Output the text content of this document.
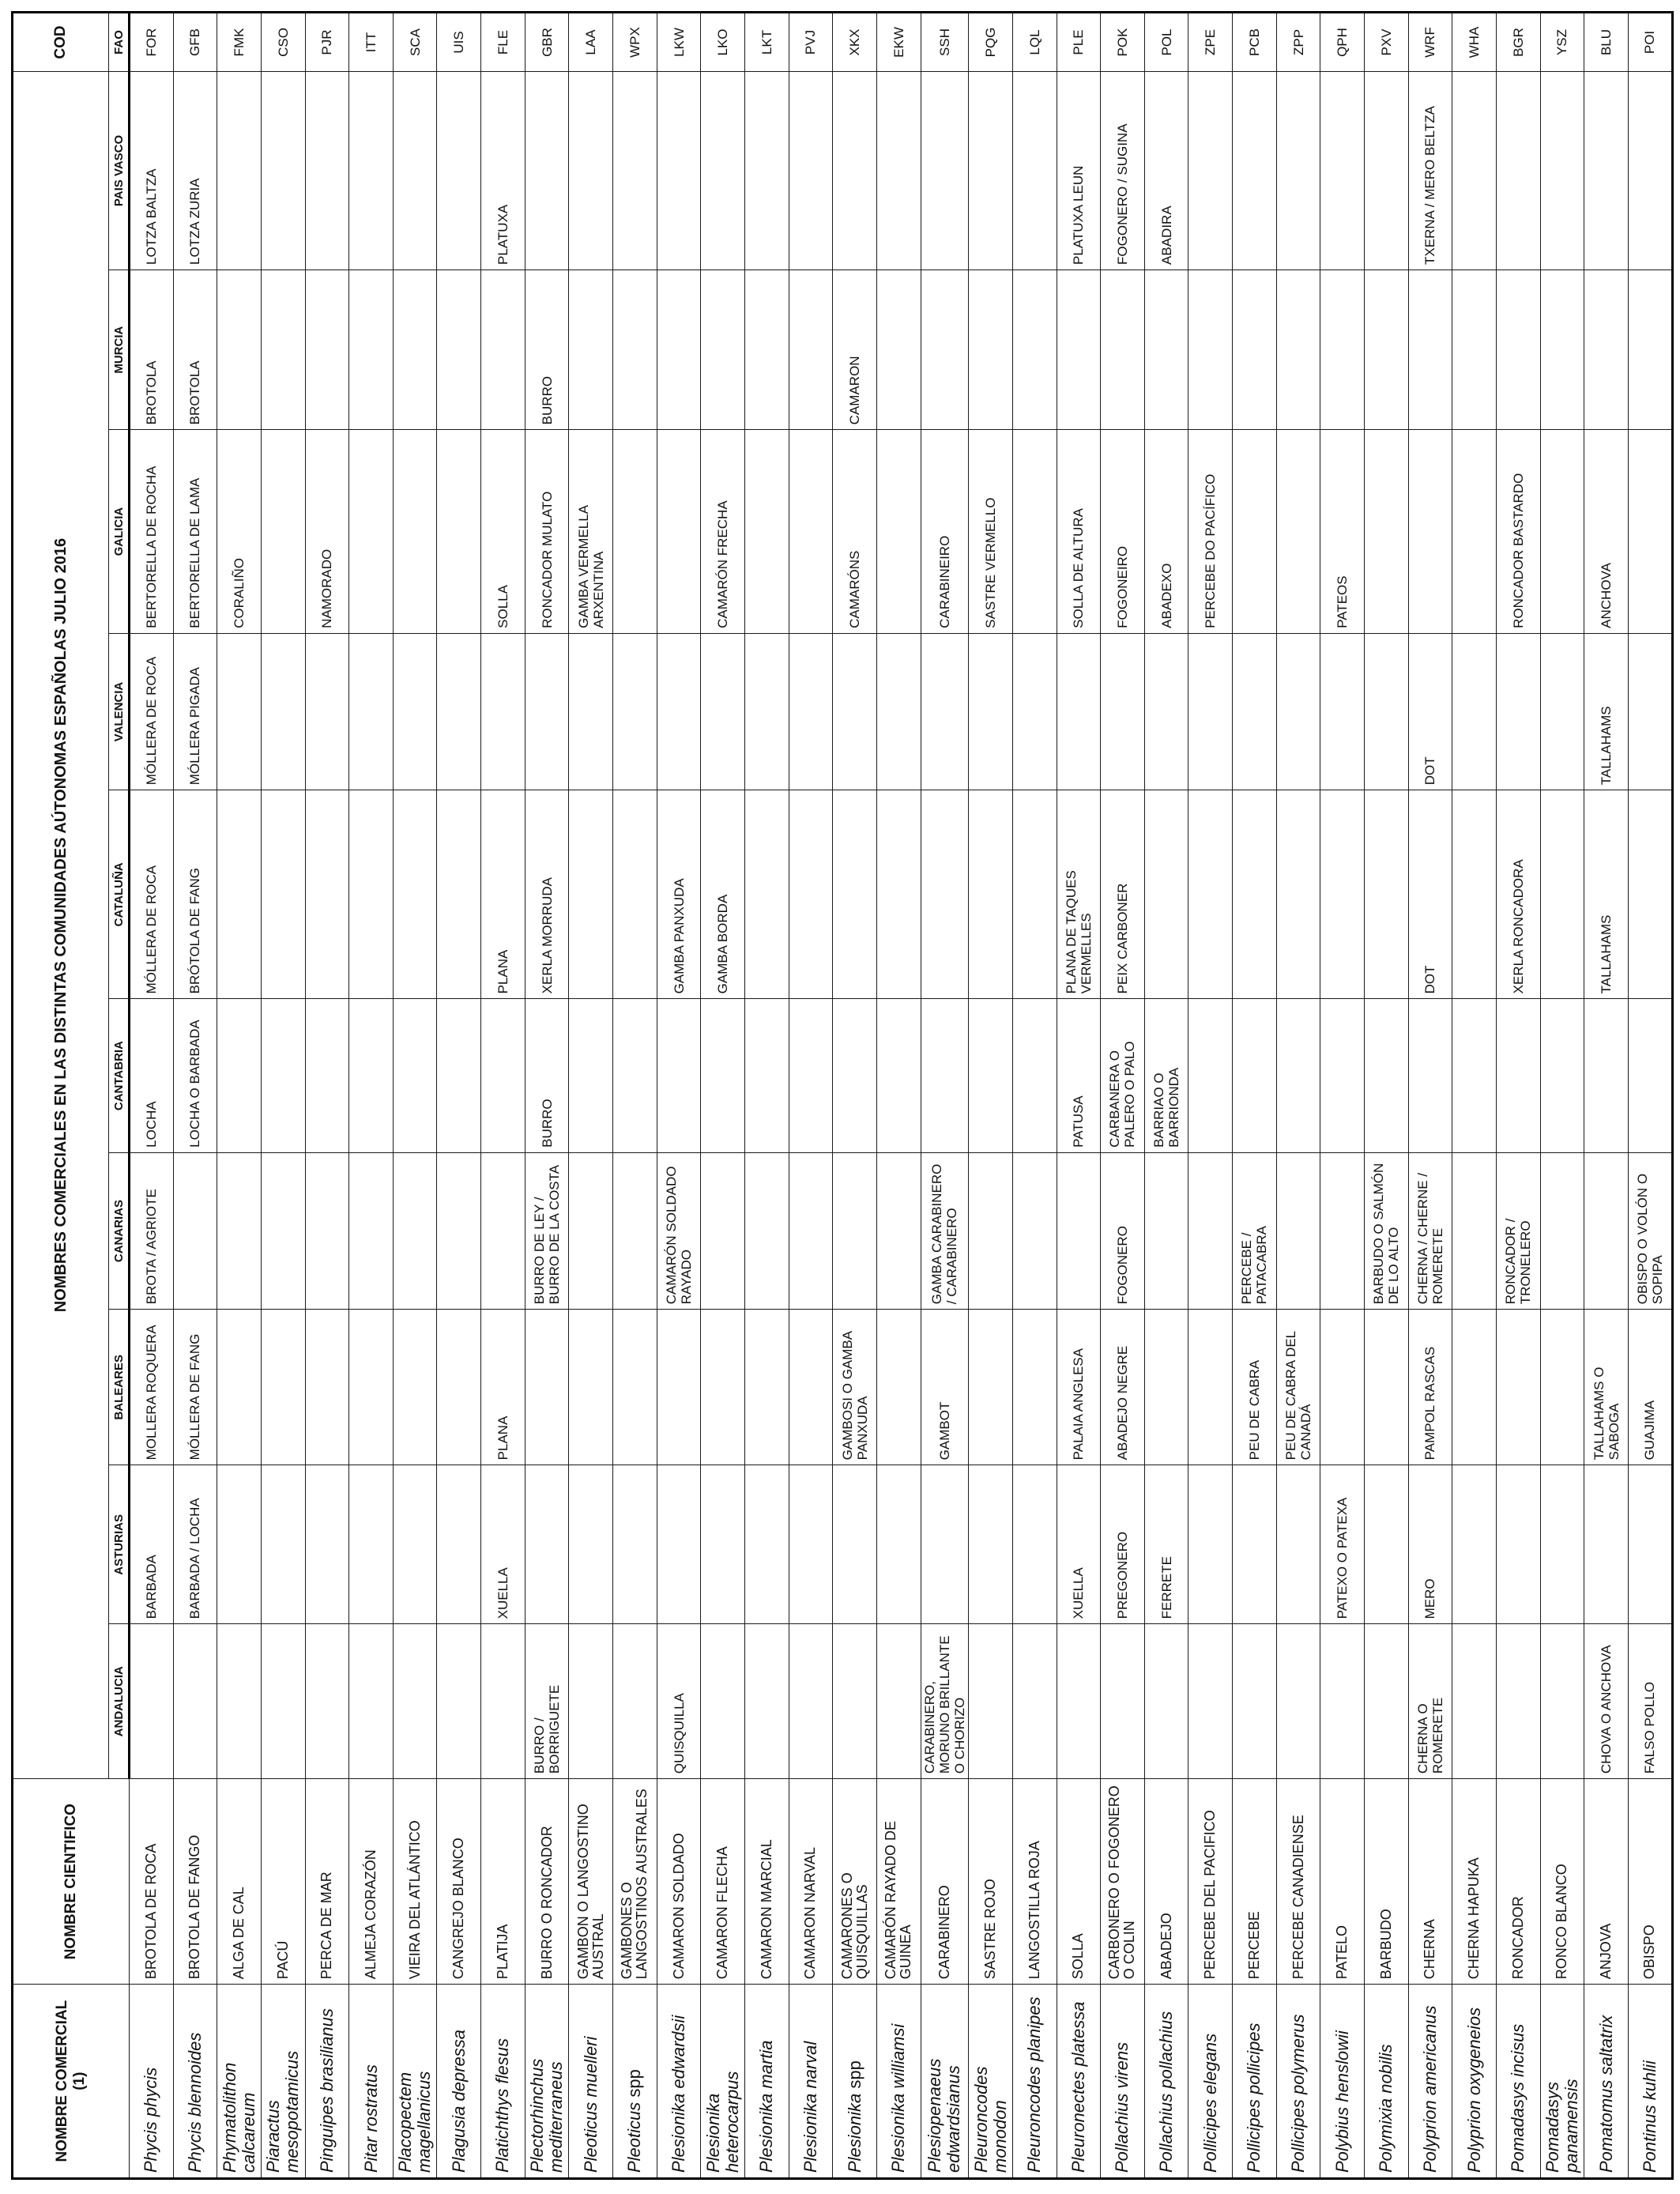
NOMBRE COMERCIAL (1)	NOMBRE CIENTIFICO	NOMBRES COMERCIALES EN LAS DISTINTAS COMUNIDADES AÚTONOMAS ESPAÑOLAS JULIO 2016										COD
		ANDALUCIA	ASTURIAS	BALEARES	CANARIAS	CANTABRIA	CATALUÑA	VALENCIA	GALICIA	MURCIA	PAIS VASCO	FAO
Phycis phycis	BROTOLA DE ROCA		BARBADA	MOLLERA ROQUERA	BROTA / AGRIOTE	LOCHA	MÓLLERA DE ROCA	MÓLLERA DE ROCA	BERTORELLA DE ROCHA	BROTOLA	LOTZA BALTZA	FOR
Phycis blennoides	BROTOLA DE FANGO		BARBADA / LOCHA	MÓLLERA DE FANG		LOCHA O BARBADA	BRÓTOLA DE FANG	MÓLLERA PIGADA	BERTORELLA DE LAMA	BROTOLA	LOTZA ZURIA	GFB
Phymatolithon calcareum	ALGA DE CAL								CORALIÑO			FMK
Piaractus mesopotamicus	PACÚ											CSO
Pinguipes brasilianus	PERCA DE MAR								NAMORADO			PJR
Pitar rostratus	ALMEJA CORAZÓN											ITT
Placopectem magellanicus	VIEIRA DEL ATLÁNTICO											SCA
Plagusia depressa	CANGREJO BLANCO											UIS
Platichthys flesus	PLATIJA		XUELLA	PLANA			PLANA		SOLLA		PLATUXA	FLE
Plectorhinchus mediterraneus	BURRO O RONCADOR	BURRO / BORRIGUETE			BURRO DE LEY / BURRO DE LA COSTA	BURRO	XERLA MORRUDA		RONCADOR MULATO	BURRO		GBR
Pleoticus muelleri	GAMBON O LANGOSTINO AUSTRAL								GAMBA VERMELLA ARXENTINA			LAA
Pleoticus spp	GAMBONES O LANGOSTINOS AUSTRALES											WPX
Plesionika edwardsii	CAMARON SOLDADO	QUISQUILLA			CAMARÓN SOLDADO RAYADO		GAMBA PANXUDA					LKW
Plesionika heterocarpus	CAMARON FLECHA						GAMBA BORDA		CAMARÓN FRECHA			LKO
Plesionika martia	CAMARON MARCIAL											LKT
Plesionika narval	CAMARON NARVAL											PVJ
Plesionika spp	CAMARONES O QUISQUILLAS			GAMBOSI O GAMBA PANXUDA					CAMARÓNS	CAMARON		XKX
Plesionika williamsi	CAMARÓN RAYADO DE GUINEA											EKW
Plesiopenaeus edwardsianus	CARABINERO	CARABINERO, MORUNO BRILLANTE O CHORIZO		GAMBOT	GAMBA CARABINERO / CARABINERO				CARABINEIRO			SSH
Pleuroncodes monodon	SASTRE ROJO								SASTRE VERMELLO			PQG
Pleuroncodes planipes	LANGOSTILLA ROJA											LQL
Pleuronectes platessa	SOLLA		XUELLA	PALAIA ANGLESA		PATUSA	PLANA DE TAQUES VERMELLES		SOLLA DE ALTURA		PLATUXA LEUN	PLE
Pollachius virens	CARBONERO O FOGONERO O COLIN		PREGONERO	ABADEJO NEGRE	FOGONERO	CARBANERA O PALERO O PALO	PEIX CARBONER		FOGONEIRO		FOGONERO / SUGINA	POK
Pollachius pollachius	ABADEJO		FERRETE			BARRIAO O BARRIONDA			ABADEXO		ABADIRA	POL
Pollicipes elegans	PERCEBE DEL PACIFICO								PERCEBE DO PACÍFICO			ZPE
Pollicipes pollicipes	PERCEBE			PEU DE CABRA	PERCEBE / PATACABRA							PCB
Pollicipes polymerus	PERCEBE CANADIENSE			PEU DE CABRA DEL CANADÁ								ZPP
Polybius henslowii	PATELO		PATEXO O PATEXA						PATEOS			QPH
Polymixia nobilis	BARBUDO				BARBUDO O SALMÓN DE LO ALTO							PXV
Polyprion americanus	CHERNA	CHERNA O ROMERETE	MERO	PAMPOL RASCAS	CHERNA / CHERNE / ROMERETE		DOT	DOT			TXERNA / MERO BELTZA	WRF
Polyprion oxygeneios	CHERNA HAPUKA											WHA
Pomadasys incisus	RONCADOR				RONCADOR / TRONELERO		XERLA RONCADORA		RONCADOR BASTARDO			BGR
Pomadasys panamensis	RONCO BLANCO											YSZ
Pomatomus saltatrix	ANJOVA	CHOVA O ANCHOVA		TALLAHAMS O SABOGA			TALLAHAMS	TALLAHAMS	ANCHOVA			BLU
Pontinus kuhlii	OBISPO	FALSO POLLO		GUAJIMA	OBISPO O VOLÓN O SOPIPA							POI
